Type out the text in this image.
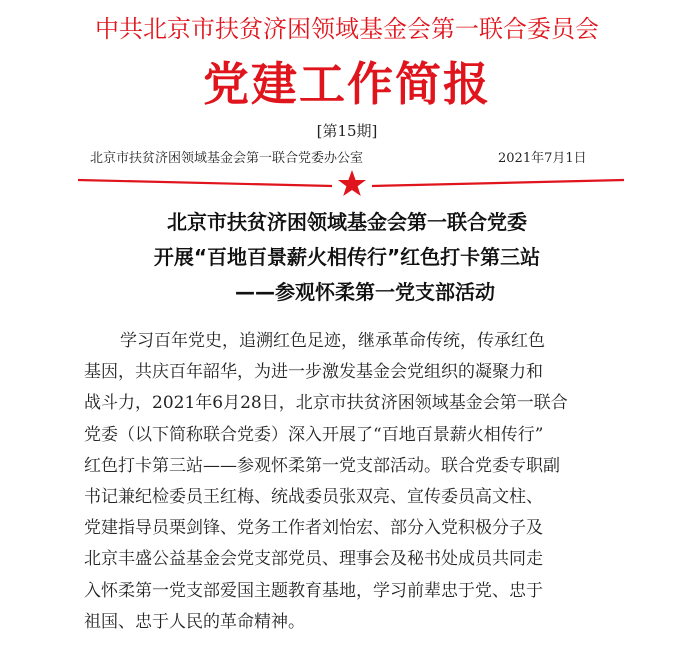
中共北京市扶贫济困领域基金会第一联合委员会
党建工作简报
[第15期]
北京市扶贫济困领域基金会第一联合党委办公室	2021年7月1日
北京市扶贫济困领域基金会第一联合党委
开展“百地百景薪火相传行”红色打卡第三站
——参观怀柔第一党支部活动
学习百年党史，追溯红色足迹，继承革命传统，传承红色
基因，共庆百年韶华，为进一步激发基金会党组织的凝聚力和
战斗力，2021年6月28日，北京市扶贫济困领域基金会第一联合
党委（以下简称联合党委）深入开展了“百地百景薪火相传行”
红色打卡第三站——参观怀柔第一党支部活动。联合党委专职副
书记兼纪检委员王红梅、统战委员张双亮、宣传委员高文柱、
党建指导员栗剑锋、党务工作者刘怡宏、部分入党积极分子及
北京丰盛公益基金会党支部党员、理事会及秘书处成员共同走
入怀柔第一党支部爱国主题教育基地，学习前辈忠于党、忠于
祖国、忠于人民的革命精神。
